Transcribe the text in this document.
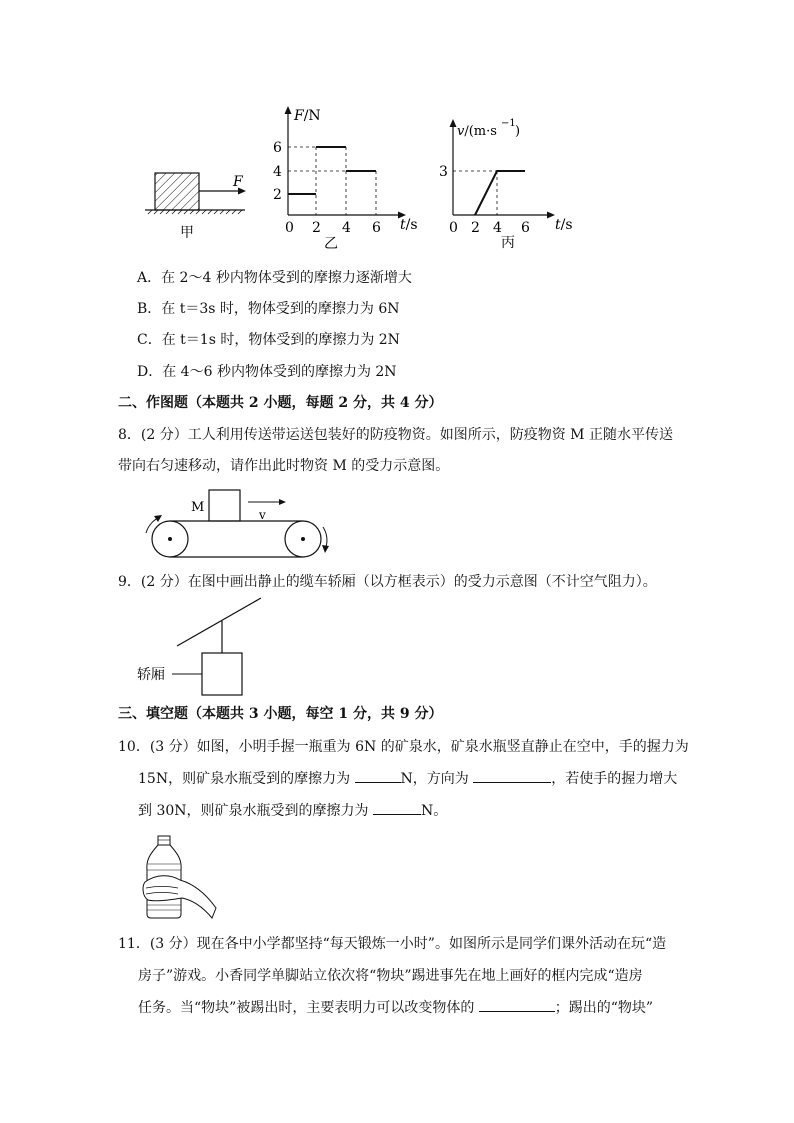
F
甲
F/N
t/s
6
4
2
0 2 4 6
乙
v/(m·s
−1
)
t/s
3
0 2 4 6
丙
A．在 2～4 秒内物体受到的摩擦力逐渐增大
B．在 t＝3s 时，物体受到的摩擦力为 6N
C．在 t＝1s 时，物体受到的摩擦力为 2N
D．在 4～6 秒内物体受到的摩擦力为 2N
二、作图题（本题共 2 小题，每题 2 分，共 4 分）
8．(2 分）工人利用传送带运送包装好的防疫物资。如图所示，防疫物资 M 正随水平传送
带向右匀速移动，请作出此时物资 M 的受力示意图。
M	v
9．(2 分）在图中画出静止的缆车轿厢（以方框表示）的受力示意图（不计空气阻力）。
轿厢
三、填空题（本题共 3 小题，每空 1 分，共 9 分）
10．(3 分）如图，小明手握一瓶重为 6N 的矿泉水，矿泉水瓶竖直静止在空中，手的握力为
15N，则矿泉水瓶受到的摩擦力为	N，方向为	，若使手的握力增大
到 30N，则矿泉水瓶受到的摩擦力为	N。
11．(3 分）现在各中小学都坚持“每天锻炼一小时”。如图所示是同学们课外活动在玩“造
房子”游戏。小香同学单脚站立依次将“物块”踢进事先在地上画好的框内完成“造房
任务。当“物块”被踢出时，主要表明力可以改变物体的	；踢出的“物块”
